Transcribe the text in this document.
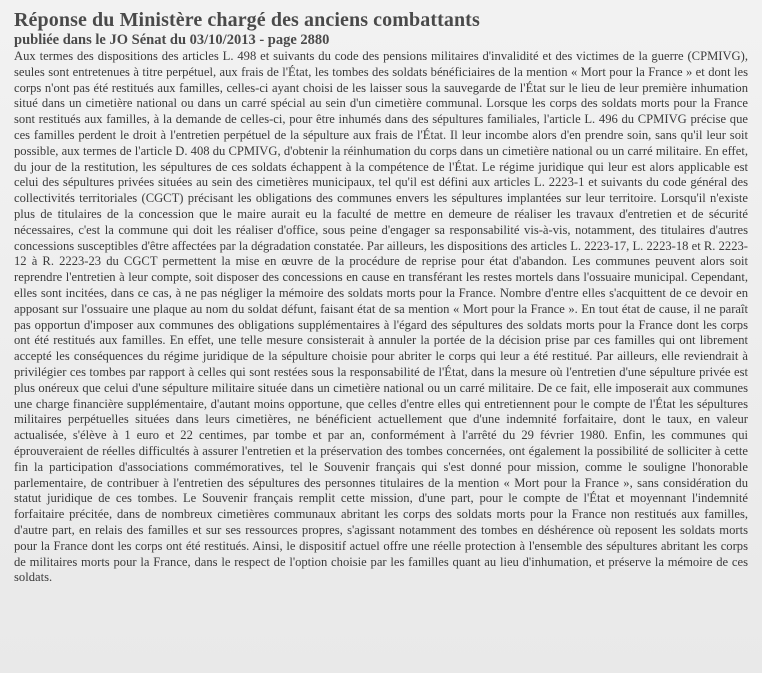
Réponse du Ministère chargé des anciens combattants
publiée dans le JO Sénat du 03/10/2013 - page 2880

Aux termes des dispositions des articles L. 498 et suivants du code des pensions militaires d'invalidité et des victimes de la guerre (CPMIVG), seules sont entretenues à titre perpétuel, aux frais de l'État, les tombes des soldats bénéficiaires de la mention « Mort pour la France » et dont les corps n'ont pas été restitués aux familles, celles-ci ayant choisi de les laisser sous la sauvegarde de l'État sur le lieu de leur première inhumation situé dans un cimetière national ou dans un carré spécial au sein d'un cimetière communal. Lorsque les corps des soldats morts pour la France sont restitués aux familles, à la demande de celles-ci, pour être inhumés dans des sépultures familiales, l'article L. 496 du CPMIVG précise que ces familles perdent le droit à l'entretien perpétuel de la sépulture aux frais de l'État. Il leur incombe alors d'en prendre soin, sans qu'il leur soit possible, aux termes de l'article D. 408 du CPMIVG, d'obtenir la réinhumation du corps dans un cimetière national ou un carré militaire. En effet, du jour de la restitution, les sépultures de ces soldats échappent à la compétence de l'État. Le régime juridique qui leur est alors applicable est celui des sépultures privées situées au sein des cimetières municipaux, tel qu'il est défini aux articles L. 2223-1 et suivants du code général des collectivités territoriales (CGCT) précisant les obligations des communes envers les sépultures implantées sur leur territoire. Lorsqu'il n'existe plus de titulaires de la concession que le maire aurait eu la faculté de mettre en demeure de réaliser les travaux d'entretien et de sécurité nécessaires, c'est la commune qui doit les réaliser d'office, sous peine d'engager sa responsabilité vis-à-vis, notamment, des titulaires d'autres concessions susceptibles d'être affectées par la dégradation constatée. Par ailleurs, les dispositions des articles L. 2223-17, L. 2223-18 et R. 2223-12 à R. 2223-23 du CGCT permettent la mise en œuvre de la procédure de reprise pour état d'abandon. Les communes peuvent alors soit reprendre l'entretien à leur compte, soit disposer des concessions en cause en transférant les restes mortels dans l'ossuaire municipal. Cependant, elles sont incitées, dans ce cas, à ne pas négliger la mémoire des soldats morts pour la France. Nombre d'entre elles s'acquittent de ce devoir en apposant sur l'ossuaire une plaque au nom du soldat défunt, faisant état de sa mention « Mort pour la France ». En tout état de cause, il ne paraît pas opportun d'imposer aux communes des obligations supplémentaires à l'égard des sépultures des soldats morts pour la France dont les corps ont été restitués aux familles. En effet, une telle mesure consisterait à annuler la portée de la décision prise par ces familles qui ont librement accepté les conséquences du régime juridique de la sépulture choisie pour abriter le corps qui leur a été restitué. Par ailleurs, elle reviendrait à privilégier ces tombes par rapport à celles qui sont restées sous la responsabilité de l'État, dans la mesure où l'entretien d'une sépulture privée est plus onéreux que celui d'une sépulture militaire située dans un cimetière national ou un carré militaire. De ce fait, elle imposerait aux communes une charge financière supplémentaire, d'autant moins opportune, que celles d'entre elles qui entretiennent pour le compte de l'État les sépultures militaires perpétuelles situées dans leurs cimetières, ne bénéficient actuellement que d'une indemnité forfaitaire, dont le taux, en valeur actualisée, s'élève à 1 euro et 22 centimes, par tombe et par an, conformément à l'arrêté du 29 février 1980. Enfin, les communes qui éprouveraient de réelles difficultés à assurer l'entretien et la préservation des tombes concernées, ont également la possibilité de solliciter à cette fin la participation d'associations commémoratives, tel le Souvenir français qui s'est donné pour mission, comme le souligne l'honorable parlementaire, de contribuer à l'entretien des sépultures des personnes titulaires de la mention « Mort pour la France », sans considération du statut juridique de ces tombes. Le Souvenir français remplit cette mission, d'une part, pour le compte de l'État et moyennant l'indemnité forfaitaire précitée, dans de nombreux cimetières communaux abritant les corps des soldats morts pour la France non restitués aux familles, d'autre part, en relais des familles et sur ses ressources propres, s'agissant notamment des tombes en déshérence où reposent les soldats morts pour la France dont les corps ont été restitués. Ainsi, le dispositif actuel offre une réelle protection à l'ensemble des sépultures abritant les corps de militaires morts pour la France, dans le respect de l'option choisie par les familles quant au lieu d'inhumation, et préserve la mémoire de ces soldats.
